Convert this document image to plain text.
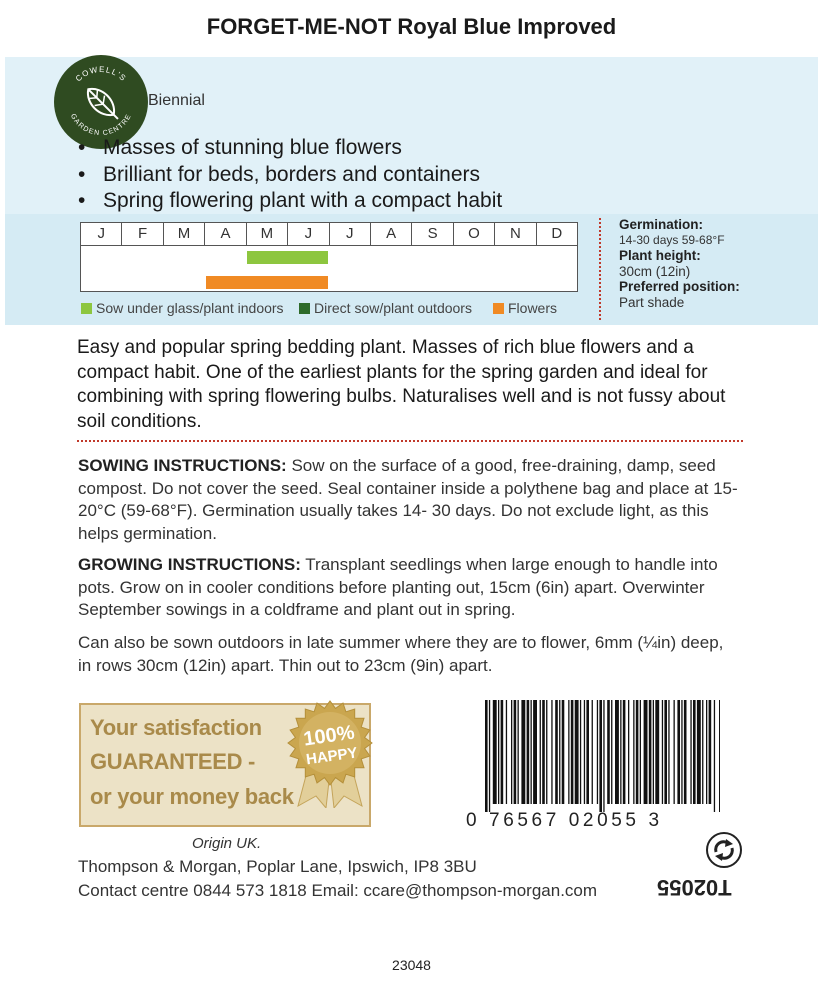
FORGET-ME-NOT Royal Blue Improved
COWELL'S
GARDEN CENTRE
Biennial
• Masses of stunning blue flowers
• Brilliant for beds, borders and containers
• Spring flowering plant with a compact habit
J	F	M	A	M	J	J	A	S	O	N	D
Sow under glass/plant indoors Direct sow/plant outdoors	Flowers
Germination:
14-30 days 59-68°F
Plant height:
30cm (12in)
Preferred position:
Part shade
Easy and popular spring bedding plant. Masses of rich blue flowers and a compact habit. One of the earliest plants for the spring garden and ideal for combining with spring flowering bulbs. Naturalises well and is not fussy about soil conditions.
SOWING INSTRUCTIONS: Sow on the surface of a good, free-draining, damp, seed compost. Do not cover the seed. Seal container inside a polythene bag and place at 15-20°C (59-68°F). Germination usually takes 14- 30 days. Do not exclude light, as this helps germination.
GROWING INSTRUCTIONS: Transplant seedlings when large enough to handle into pots. Grow on in cooler conditions before planting out, 15cm (6in) apart. Overwinter September sowings in a coldframe and plant out in spring.
Can also be sown outdoors in late summer where they are to flower, 6mm (¼in) deep, in rows 30cm (12in) apart. Thin out to 23cm (9in) apart.
Your satisfaction
GUARANTEED -
or your money back
100%
HAPPY
0 76567 02055 3
Origin UK.
Thompson & Morgan, Poplar Lane, Ipswich, IP8 3BU
Contact centre 0844 573 1818 Email: ccare@thompson-morgan.com	T02055
23048
